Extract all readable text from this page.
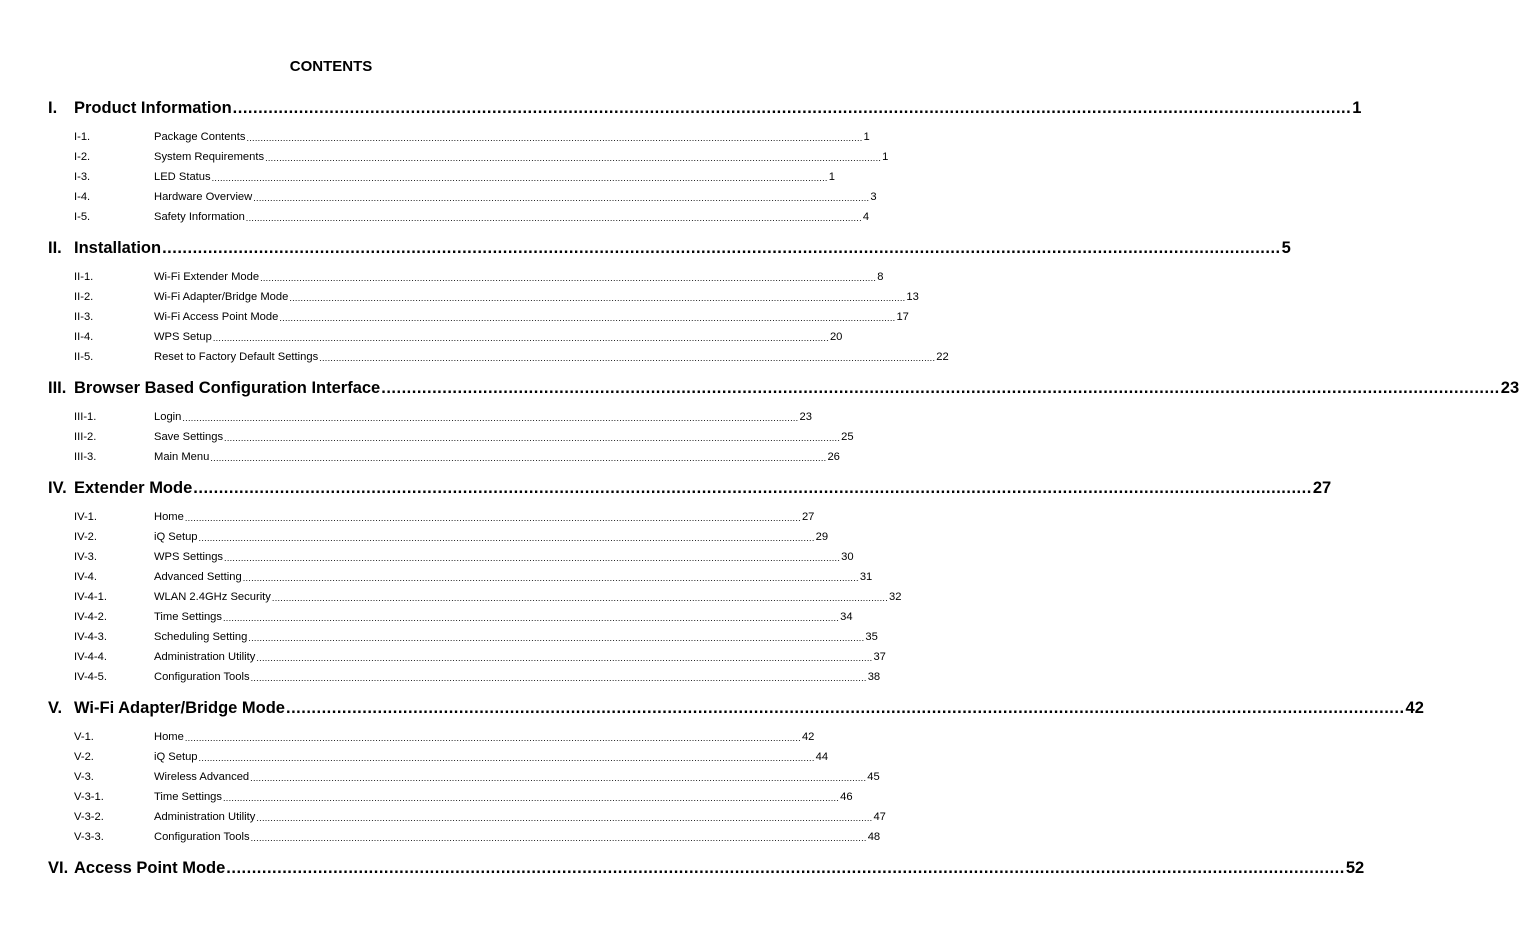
CONTENTS
I.	Product Information ............................................................................................................................................................................................................................ 1
I-1.	Package Contents ............................................................................................................................................................................................................................ 1
I-2.	System Requirements ............................................................................................................................................................................................................................ 1
I-3.	LED Status ............................................................................................................................................................................................................................ 1
I-4.	Hardware Overview ............................................................................................................................................................................................................................ 3
I-5.	Safety Information ............................................................................................................................................................................................................................ 4
II. Installation ............................................................................................................................................................................................................................ 5
II-1.	Wi-Fi Extender Mode ............................................................................................................................................................................................................................ 8
II-2.	Wi-Fi Adapter/Bridge Mode ............................................................................................................................................................................................................................ 13
II-3.	Wi-Fi Access Point Mode ............................................................................................................................................................................................................................ 17
II-4.	WPS Setup ............................................................................................................................................................................................................................ 20
II-5.	Reset to Factory Default Settings ............................................................................................................................................................................................................................ 22
III. Browser Based Configuration Interface ............................................................................................................................................................................................................................ 23
III-1.	Login ............................................................................................................................................................................................................................ 23
III-2.	Save Settings ............................................................................................................................................................................................................................ 25
III-3.	Main Menu ............................................................................................................................................................................................................................ 26
IV. Extender Mode ............................................................................................................................................................................................................................ 27
IV-1.	Home ............................................................................................................................................................................................................................ 27
IV-2.	iQ Setup ............................................................................................................................................................................................................................ 29
IV-3.	WPS Settings ............................................................................................................................................................................................................................ 30
IV-4.	Advanced Setting ............................................................................................................................................................................................................................ 31
IV-4-1.	WLAN 2.4GHz Security ............................................................................................................................................................................................................................ 32
IV-4-2.	Time Settings ............................................................................................................................................................................................................................ 34
IV-4-3.	Scheduling Setting ............................................................................................................................................................................................................................ 35
IV-4-4.	Administration Utility ............................................................................................................................................................................................................................ 37
IV-4-5.	Configuration Tools ............................................................................................................................................................................................................................ 38
V. Wi-Fi Adapter/Bridge Mode ............................................................................................................................................................................................................................ 42
V-1.	Home ............................................................................................................................................................................................................................ 42
V-2.	iQ Setup ............................................................................................................................................................................................................................ 44
V-3.	Wireless Advanced ............................................................................................................................................................................................................................ 45
V-3-1.	Time Settings ............................................................................................................................................................................................................................ 46
V-3-2.	Administration Utility ............................................................................................................................................................................................................................ 47
V-3-3.	Configuration Tools ............................................................................................................................................................................................................................ 48
VI. Access Point Mode ............................................................................................................................................................................................................................ 52
